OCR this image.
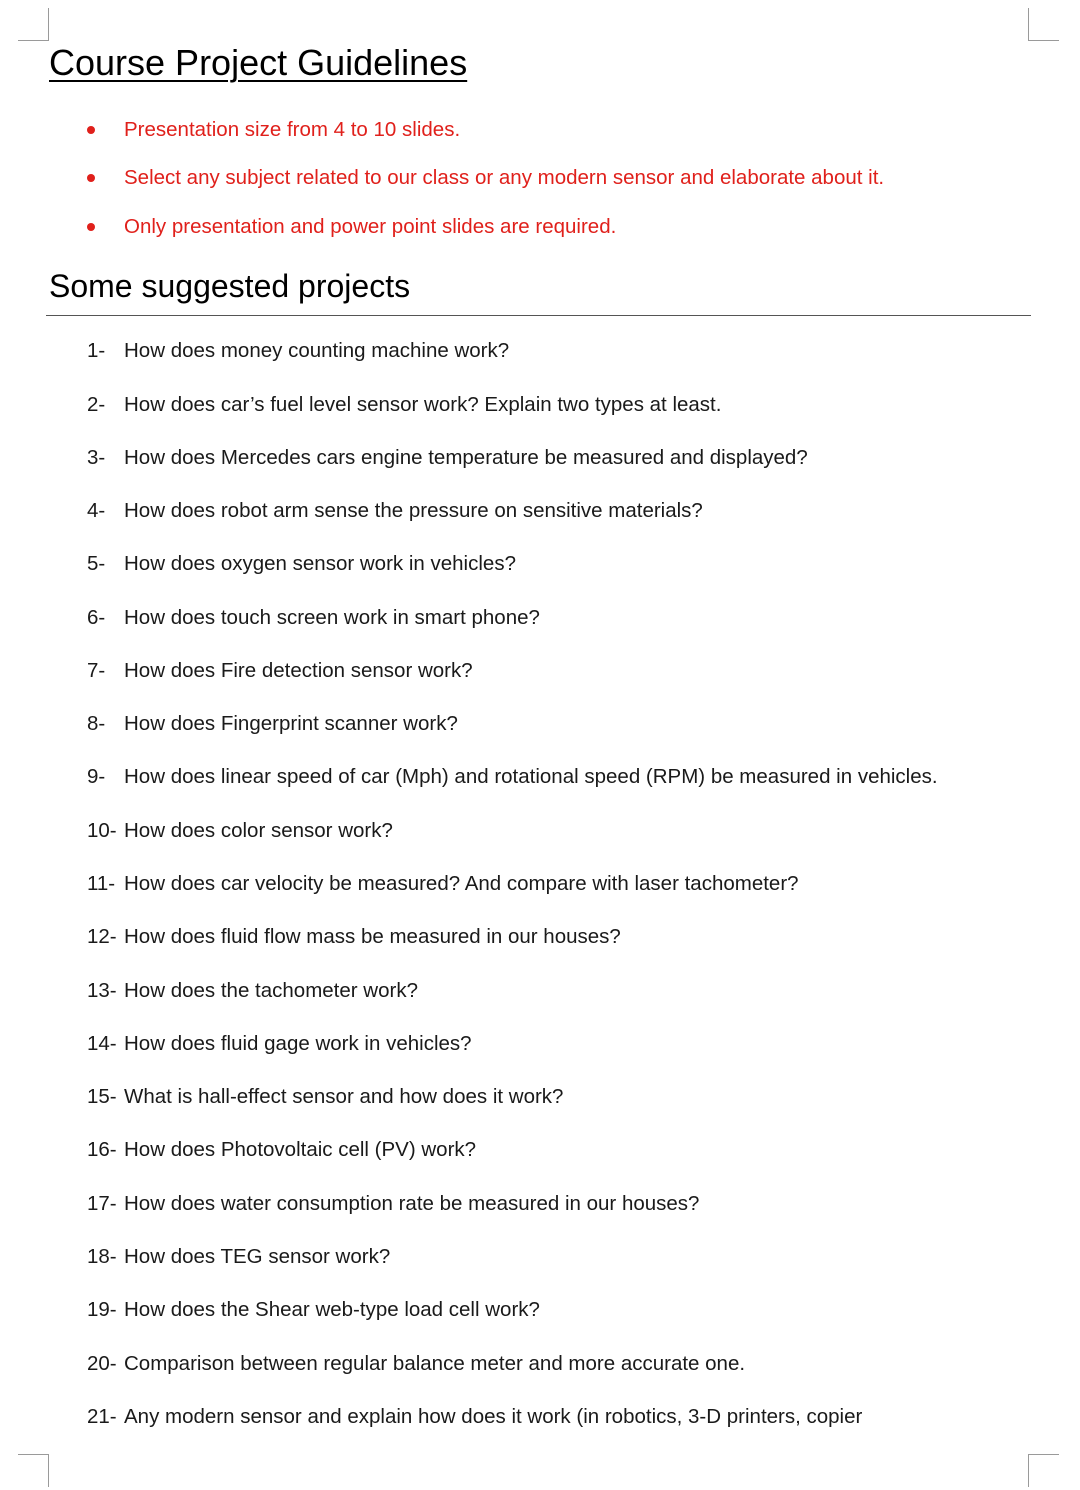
Course Project Guidelines
Presentation size from 4 to 10 slides.
Select any subject related to our class or any modern sensor and elaborate about it.
Only presentation and power point slides are required.
Some suggested projects
1- How does money counting machine work?
2- How does car’s fuel level sensor work? Explain two types at least.
3- How does Mercedes cars engine temperature be measured and displayed?
4- How does robot arm sense the pressure on sensitive materials?
5- How does oxygen sensor work in vehicles?
6- How does touch screen work in smart phone?
7- How does Fire detection sensor work?
8- How does Fingerprint scanner work?
9- How does linear speed of car (Mph) and rotational speed (RPM) be measured in vehicles.
10- How does color sensor work?
11- How does car velocity be measured? And compare with laser tachometer?
12- How does fluid flow mass be measured in our houses?
13- How does the tachometer work?
14- How does fluid gage work in vehicles?
15- What is hall-effect sensor and how does it work?
16- How does Photovoltaic cell (PV) work?
17- How does water consumption rate be measured in our houses?
18- How does TEG sensor work?
19- How does the Shear web-type load cell work?
20- Comparison between regular balance meter and more accurate one.
21- Any modern sensor and explain how does it work (in robotics, 3-D printers, copier
